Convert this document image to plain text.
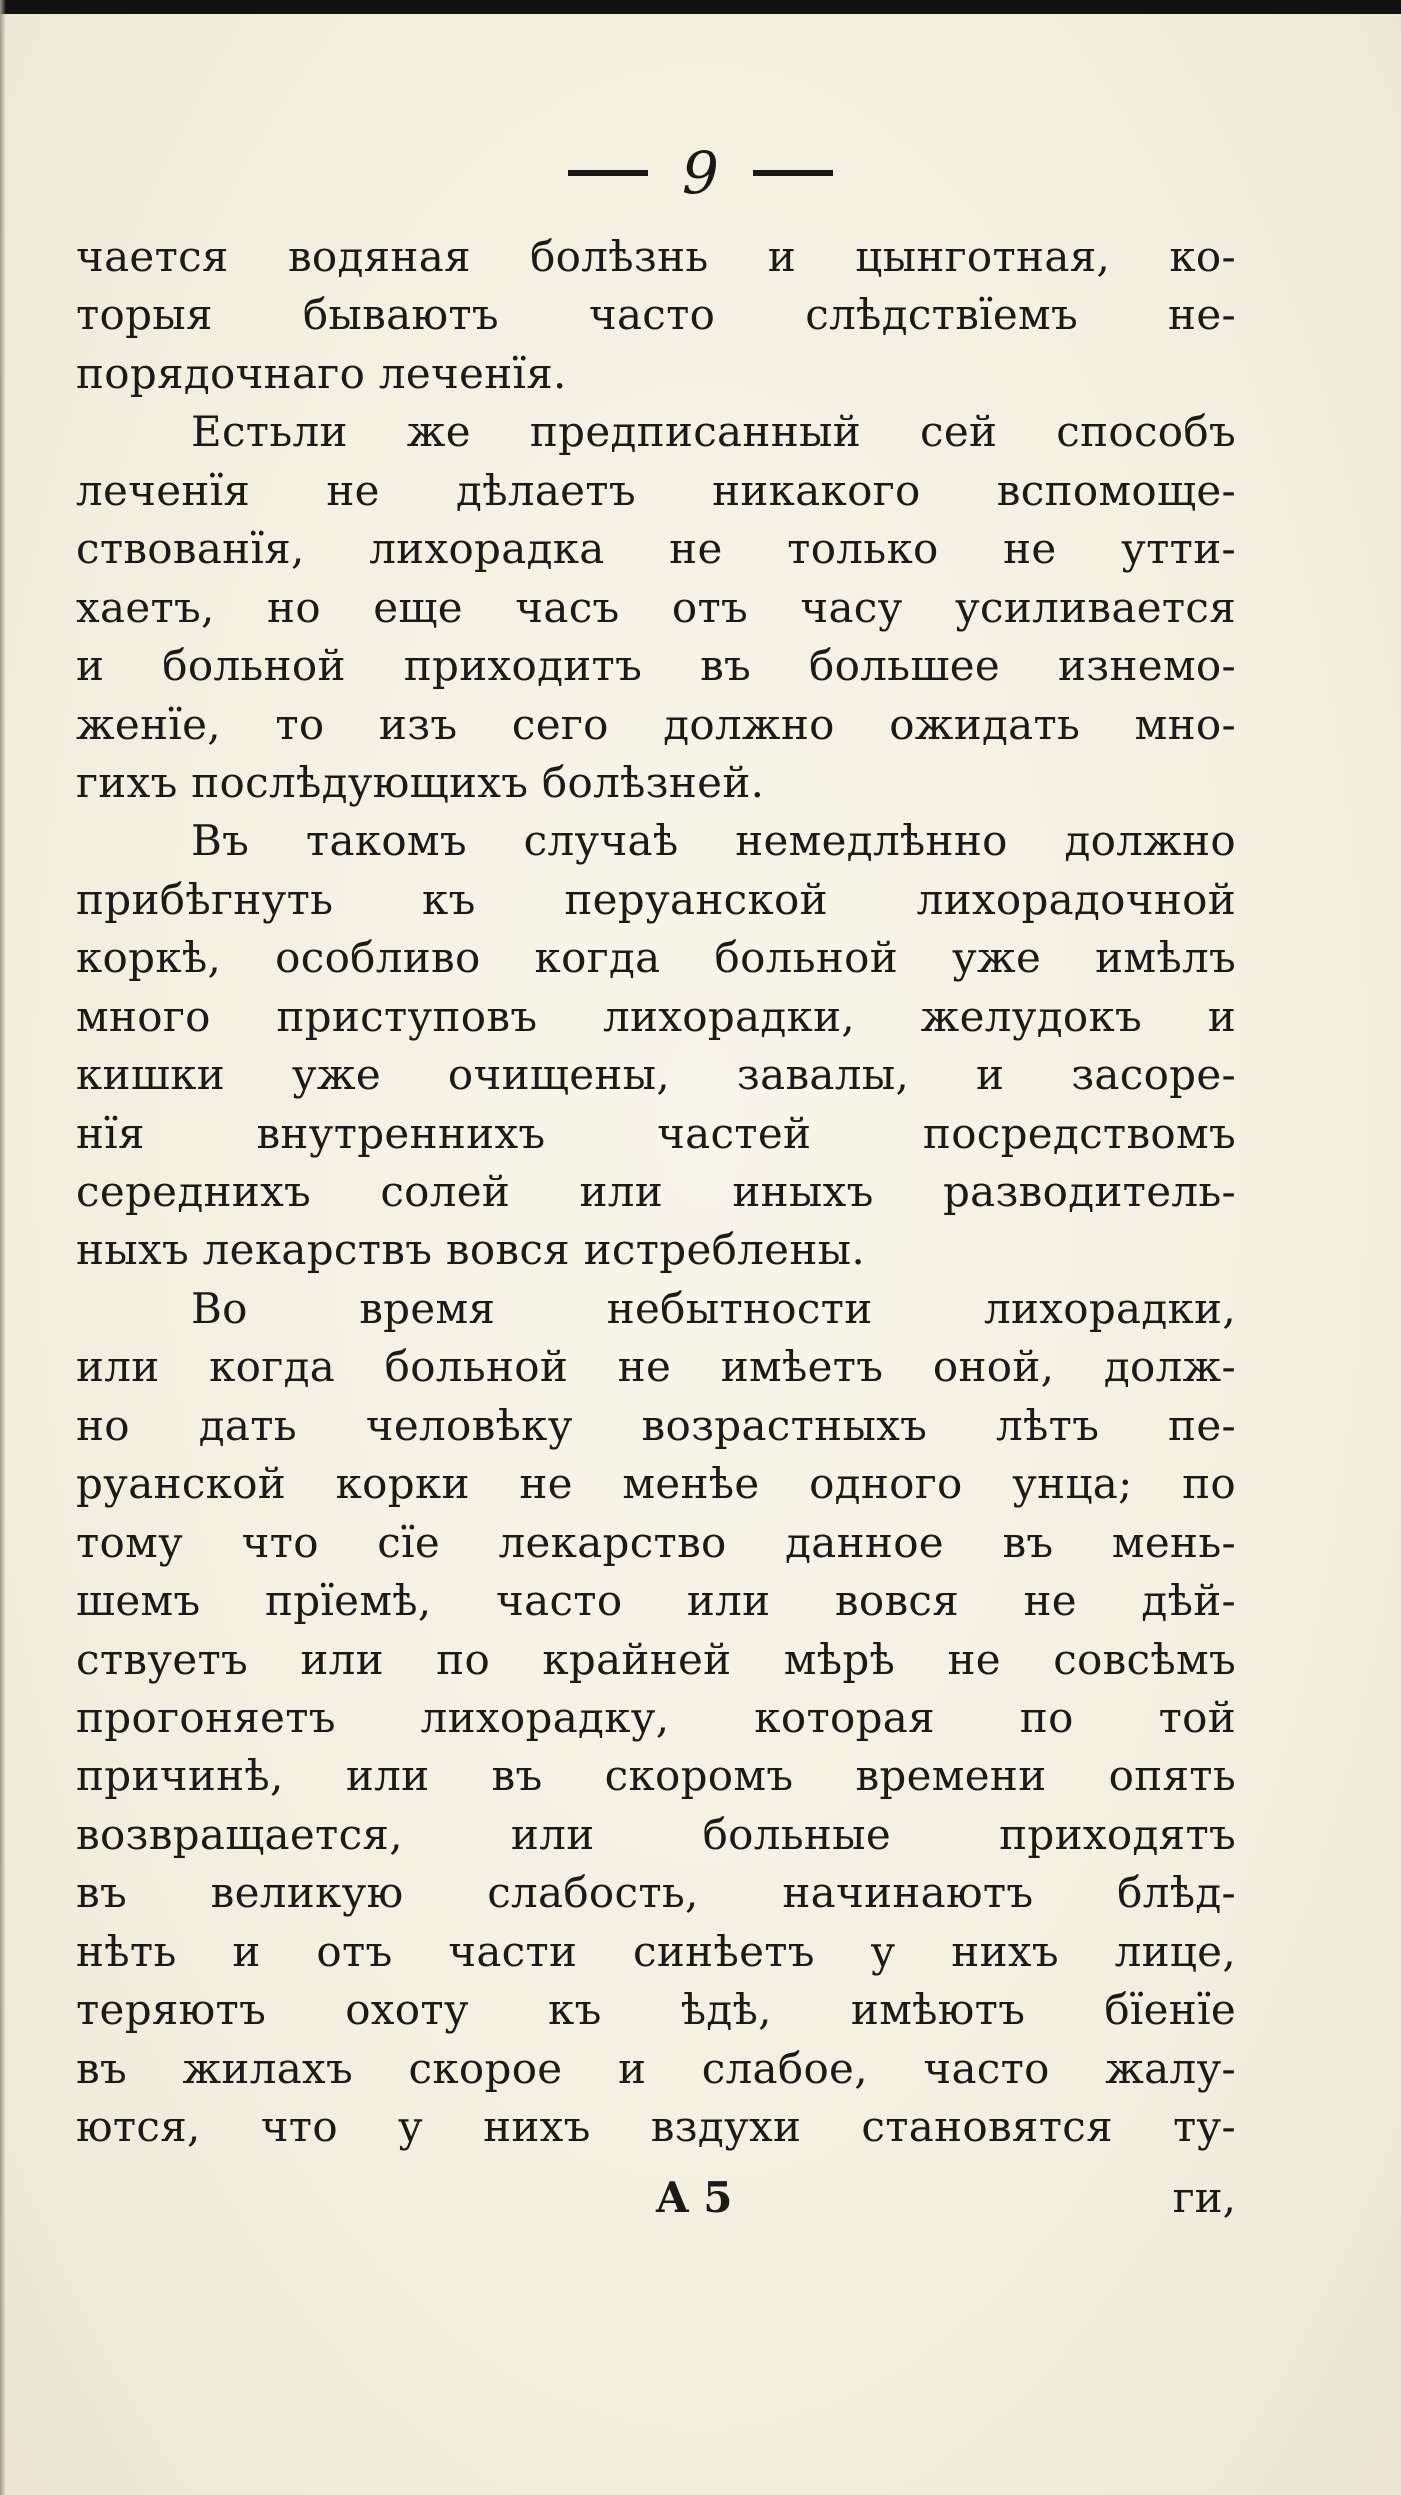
9
чается водяная болѣзнь и цынготная, ко-
торыя бываютъ часто слѣдствїемъ не-
порядочнаго леченїя.
Естьли же предписанный сей способъ
леченїя не дѣлаетъ никакого вспомоще-
ствованїя, лихорадка не только не утти-
хаетъ, но еще часъ отъ часу усиливается
и больной приходитъ въ большее изнемо-
женїе, то изъ сего должно ожидать мно-
гихъ послѣдующихъ болѣзней.
Въ такомъ случаѣ немедлѣнно должно
прибѣгнуть къ перуанской лихорадочной
коркѣ, особливо когда больной уже имѣлъ
много приступовъ лихорадки, желудокъ и
кишки уже очищены, завалы, и засоре-
нїя внутреннихъ частей посредствомъ
середнихъ солей или иныхъ разводитель-
ныхъ лекарствъ вовся истреблены.
Во время небытности лихорадки,
или когда больной не имѣетъ оной, долж-
но дать человѣку возрастныхъ лѣтъ пе-
руанской корки не менѣе одного унца; по
тому что сїе лекарство данное въ мень-
шемъ прїемѣ, часто или вовся не дѣй-
ствуетъ или по крайней мѣрѣ не совсѣмъ
прогоняетъ лихорадку, которая по той
причинѣ, или въ скоромъ времени опять
возвращается, или больные приходятъ
въ великую слабость, начинаютъ блѣд-
нѣть и отъ части синѣетъ у нихъ лице,
теряютъ охоту къ ѣдѣ, имѣютъ бїенїе
въ жилахъ скорое и слабое, часто жалу-
ются, что у нихъ вздухи становятся ту-
A 5	ги,
